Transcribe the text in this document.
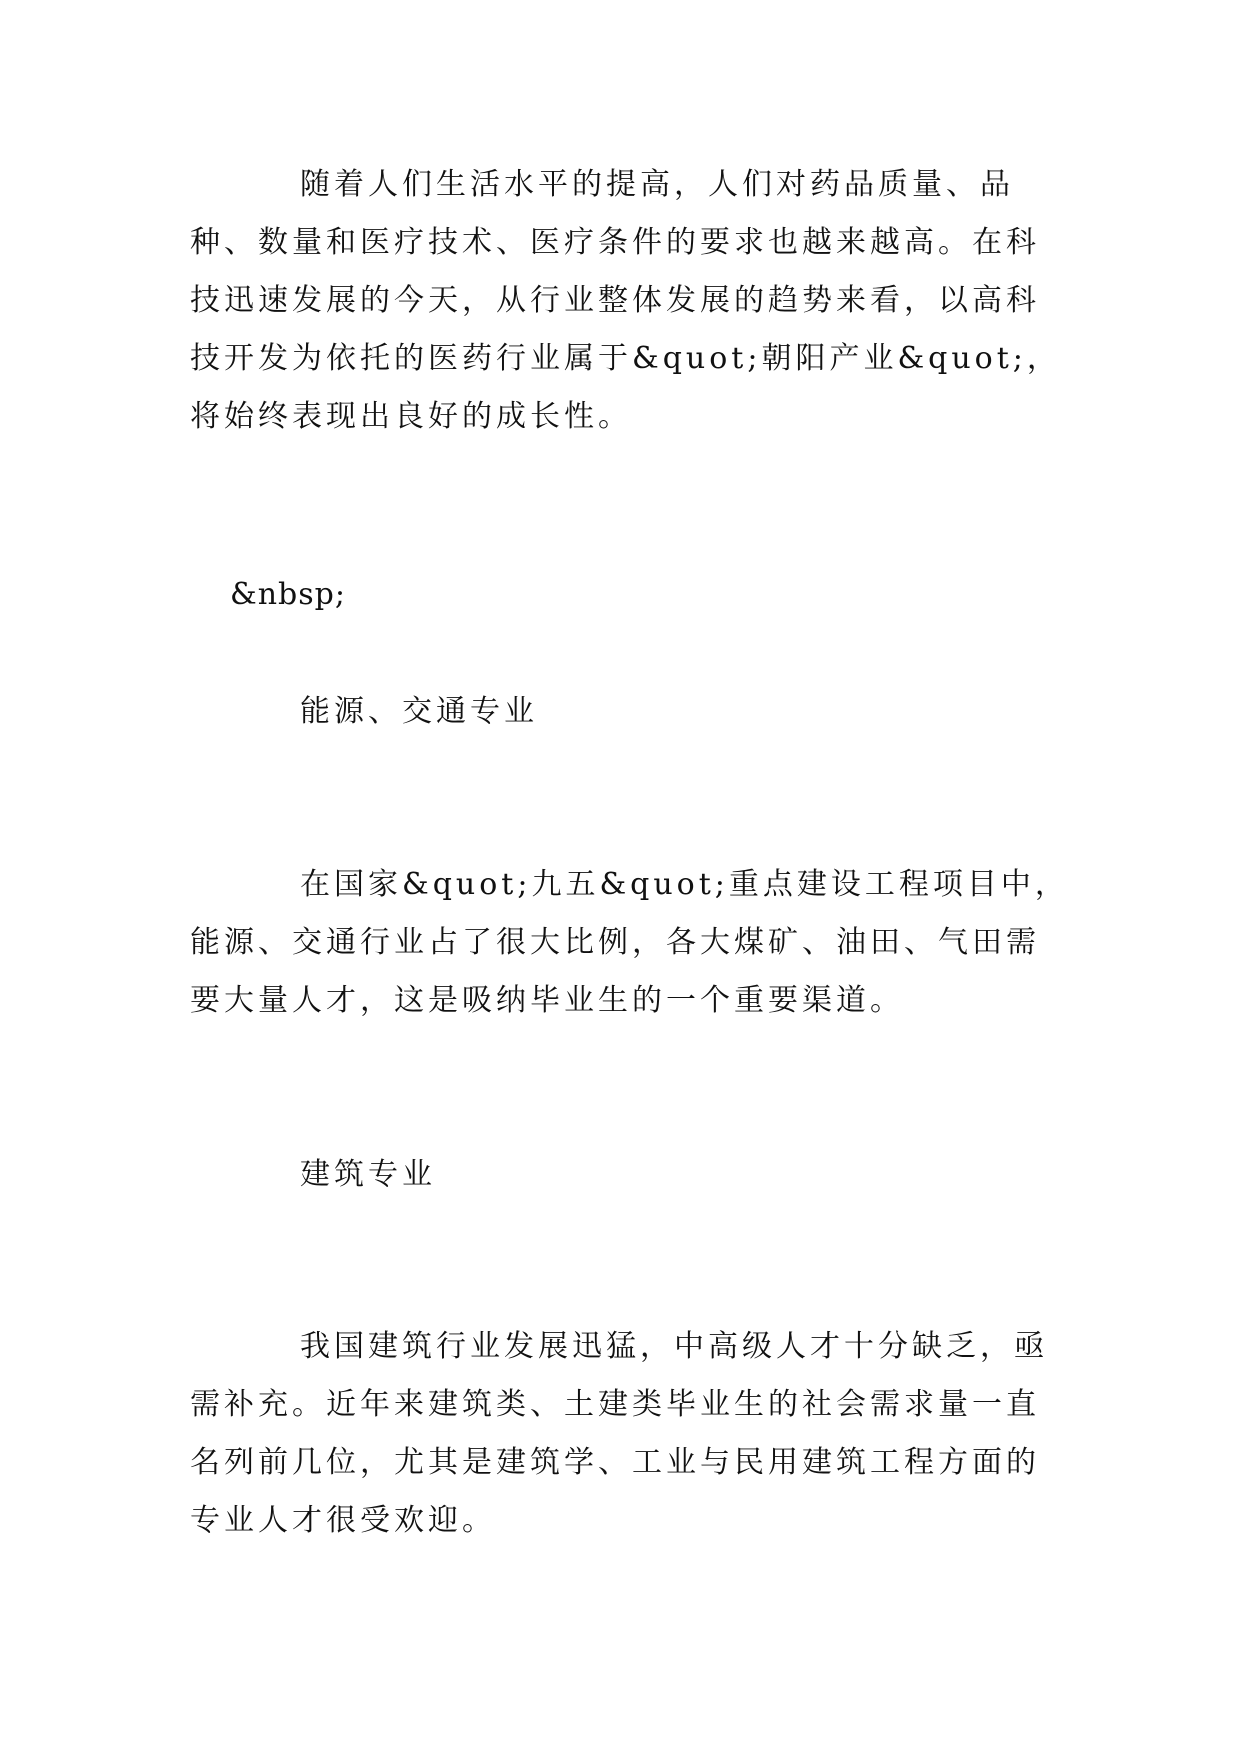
随着人们生活水平的提高，人们对药品质量、品种、数量和医疗技术、医疗条件的要求也越来越高。在科技迅速发展的今天，从行业整体发展的趋势来看，以高科技开发为依托的医药行业属于&quot;朝阳产业&quot;，将始终表现出良好的成长性。

&nbsp;

能源、交通专业

在国家&quot;九五&quot;重点建设工程项目中，能源、交通行业占了很大比例，各大煤矿、油田、气田需要大量人才，这是吸纳毕业生的一个重要渠道。

建筑专业

我国建筑行业发展迅猛，中高级人才十分缺乏，亟需补充。近年来建筑类、土建类毕业生的社会需求量一直名列前几位，尤其是建筑学、工业与民用建筑工程方面的专业人才很受欢迎。
